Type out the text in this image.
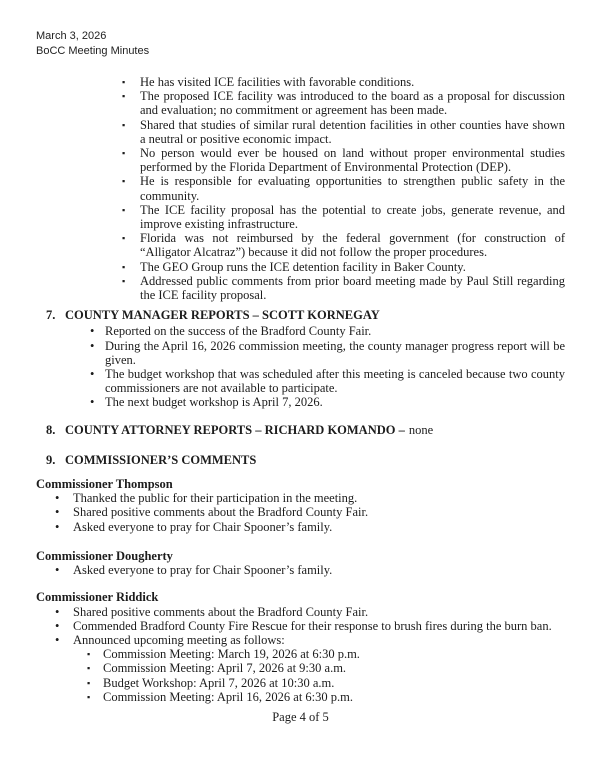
March 3, 2026
BoCC Meeting Minutes
▪ He has visited ICE facilities with favorable conditions.
▪ The proposed ICE facility was introduced to the board as a proposal for discussion and evaluation; no commitment or agreement has been made.
▪ Shared that studies of similar rural detention facilities in other counties have shown a neutral or positive economic impact.
▪ No person would ever be housed on land without proper environmental studies performed by the Florida Department of Environmental Protection (DEP).
▪ He is responsible for evaluating opportunities to strengthen public safety in the community.
▪ The ICE facility proposal has the potential to create jobs, generate revenue, and improve existing infrastructure.
▪ Florida was not reimbursed by the federal government (for construction of “Alligator Alcatraz”) because it did not follow the proper procedures.
▪ The GEO Group runs the ICE detention facility in Baker County.
▪ Addressed public comments from prior board meeting made by Paul Still regarding the ICE facility proposal.
7. COUNTY MANAGER REPORTS – SCOTT KORNEGAY
• Reported on the success of the Bradford County Fair.
• During the April 16, 2026 commission meeting, the county manager progress report will be given.
• The budget workshop that was scheduled after this meeting is canceled because two county commissioners are not available to participate.
• The next budget workshop is April 7, 2026.
8. COUNTY ATTORNEY REPORTS – RICHARD KOMANDO – none
9. COMMISSIONER’S COMMENTS
Commissioner Thompson
• Thanked the public for their participation in the meeting.
• Shared positive comments about the Bradford County Fair.
• Asked everyone to pray for Chair Spooner’s family.
Commissioner Dougherty
• Asked everyone to pray for Chair Spooner’s family.
Commissioner Riddick
• Shared positive comments about the Bradford County Fair.
• Commended Bradford County Fire Rescue for their response to brush fires during the burn ban.
• Announced upcoming meeting as follows:
▪ Commission Meeting: March 19, 2026 at 6:30 p.m.
▪ Commission Meeting: April 7, 2026 at 9:30 a.m.
▪ Budget Workshop: April 7, 2026 at 10:30 a.m.
▪ Commission Meeting: April 16, 2026 at 6:30 p.m.
Page 4 of 5
